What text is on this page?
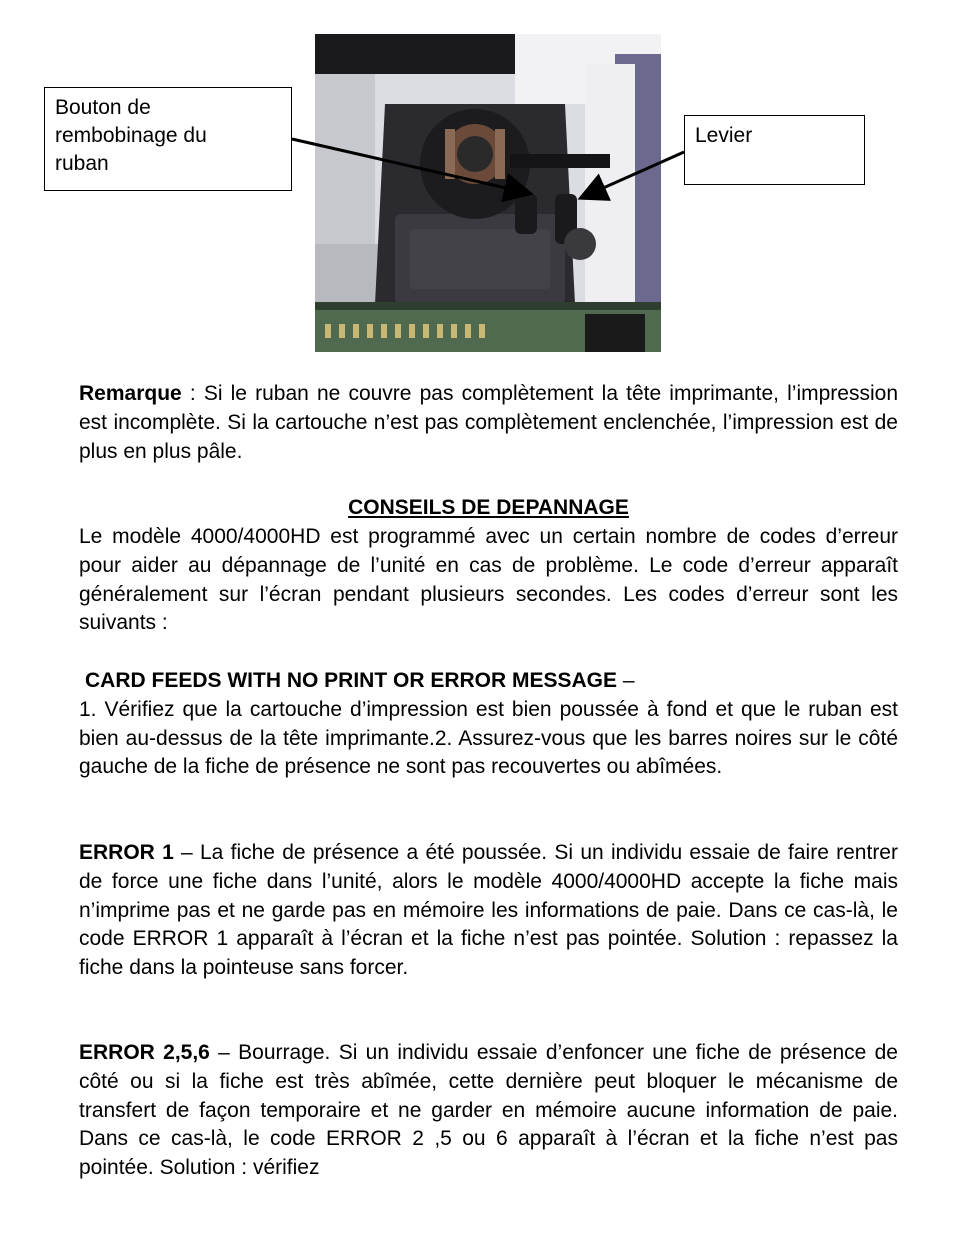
Bouton de
rembobinage du
ruban
Levier
Remarque : Si le ruban ne couvre pas complètement la tête imprimante, l’impression est incomplète. Si la cartouche n’est pas complètement enclenchée, l’impression est de plus en plus pâle.
CONSEILS DE DEPANNAGE
Le modèle 4000/4000HD est programmé avec un certain nombre de codes d’erreur pour aider au dépannage de l’unité en cas de problème. Le code d’erreur apparaît généralement sur l’écran pendant plusieurs secondes. Les codes d’erreur sont les suivants :
CARD FEEDS WITH NO PRINT OR ERROR MESSAGE –
1. Vérifiez que la cartouche d’impression est bien poussée à fond et que le ruban est bien au-dessus de la tête imprimante.2. Assurez-vous que les barres noires sur le côté gauche de la fiche de présence ne sont pas recouvertes ou abîmées.
ERROR 1 – La fiche de présence a été poussée. Si un individu essaie de faire rentrer de force une fiche dans l’unité, alors le modèle 4000/4000HD accepte la fiche mais n’imprime pas et ne garde pas en mémoire les informations de paie. Dans ce cas-là, le code ERROR 1 apparaît à l’écran et la fiche n’est pas pointée. Solution : repassez la fiche dans la pointeuse sans forcer.
ERROR 2,5,6 – Bourrage. Si un individu essaie d’enfoncer une fiche de présence de côté ou si la fiche est très abîmée, cette dernière peut bloquer le mécanisme de transfert de façon temporaire et ne garder en mémoire aucune information de paie. Dans ce cas-là, le code ERROR 2 ,5 ou 6 apparaît à l’écran et la fiche n’est pas pointée. Solution : vérifiez
